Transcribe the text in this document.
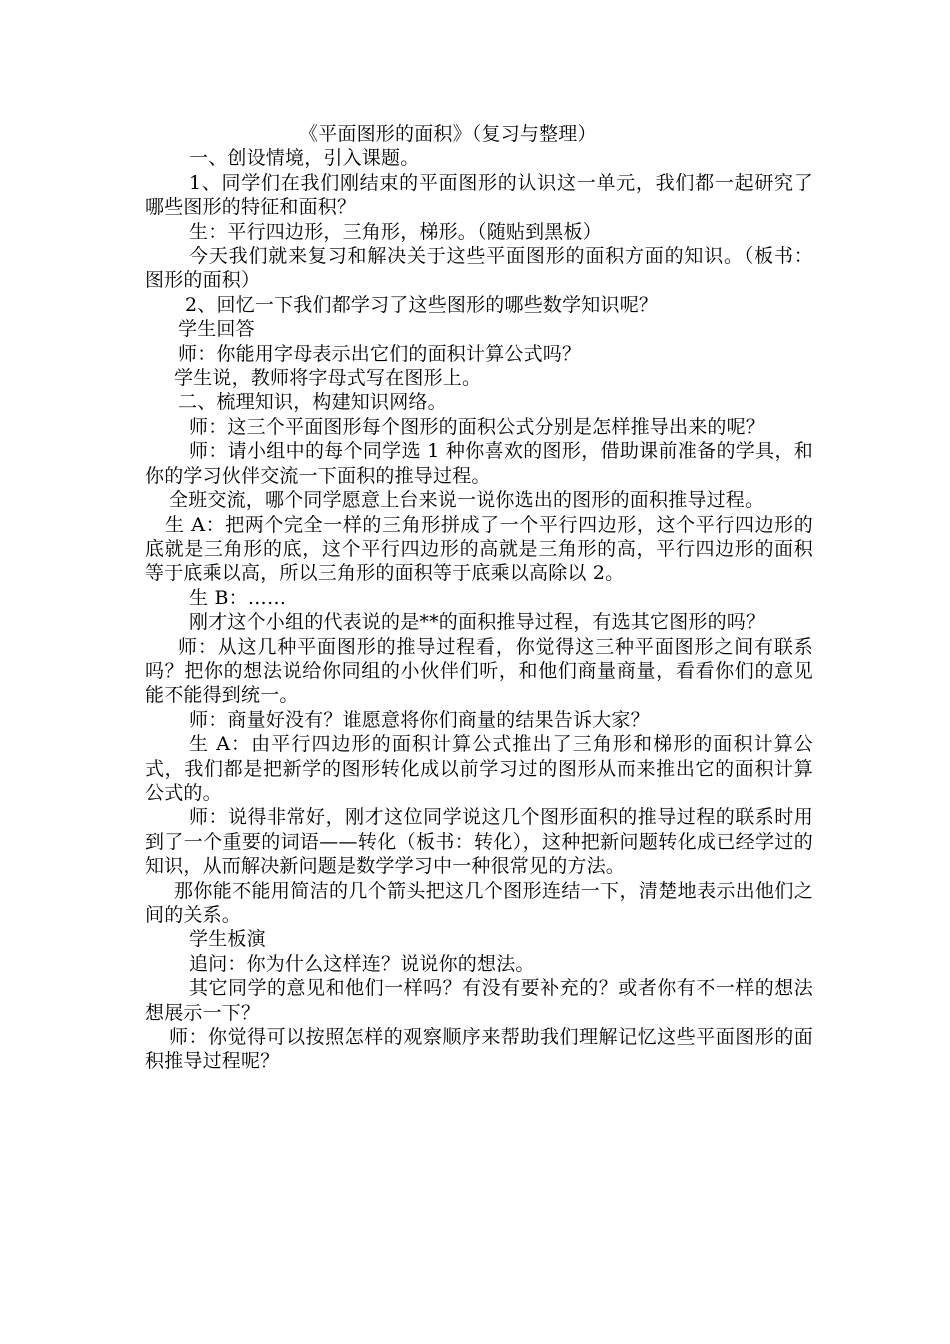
《平面图形的面积》（复习与整理）

一、创设情境，引入课题。

1、同学们在我们刚结束的平面图形的认识这一单元，我们都一起研究了哪些图形的特征和面积？

生：平行四边形，三角形，梯形。（随贴到黑板）

今天我们就来复习和解决关于这些平面图形的面积方面的知识。（板书：图形的面积）

2、回忆一下我们都学习了这些图形的哪些数学知识呢？

学生回答

师：你能用字母表示出它们的面积计算公式吗？

学生说，教师将字母式写在图形上。

二、梳理知识，构建知识网络。

师：这三个平面图形每个图形的面积公式分别是怎样推导出来的呢？

师：请小组中的每个同学选 1 种你喜欢的图形，借助课前准备的学具，和你的学习伙伴交流一下面积的推导过程。

全班交流，哪个同学愿意上台来说一说你选出的图形的面积推导过程。

生 A：把两个完全一样的三角形拼成了一个平行四边形，这个平行四边形的底就是三角形的底，这个平行四边形的高就是三角形的高，平行四边形的面积等于底乘以高，所以三角形的面积等于底乘以高除以 2。

生 B：……

刚才这个小组的代表说的是**的面积推导过程，有选其它图形的吗？

师：从这几种平面图形的推导过程看，你觉得这三种平面图形之间有联系吗？把你的想法说给你同组的小伙伴们听，和他们商量商量，看看你们的意见能不能得到统一。

师：商量好没有？谁愿意将你们商量的结果告诉大家？

生 A：由平行四边形的面积计算公式推出了三角形和梯形的面积计算公式，我们都是把新学的图形转化成以前学习过的图形从而来推出它的面积计算公式的。

师：说得非常好，刚才这位同学说这几个图形面积的推导过程的联系时用到了一个重要的词语——转化（板书：转化），这种把新问题转化成已经学过的知识，从而解决新问题是数学学习中一种很常见的方法。

那你能不能用简洁的几个箭头把这几个图形连结一下，清楚地表示出他们之间的关系。

学生板演

追问：你为什么这样连？说说你的想法。

其它同学的意见和他们一样吗？有没有要补充的？或者你有不一样的想法想展示一下？

师：你觉得可以按照怎样的观察顺序来帮助我们理解记忆这些平面图形的面积推导过程呢？
